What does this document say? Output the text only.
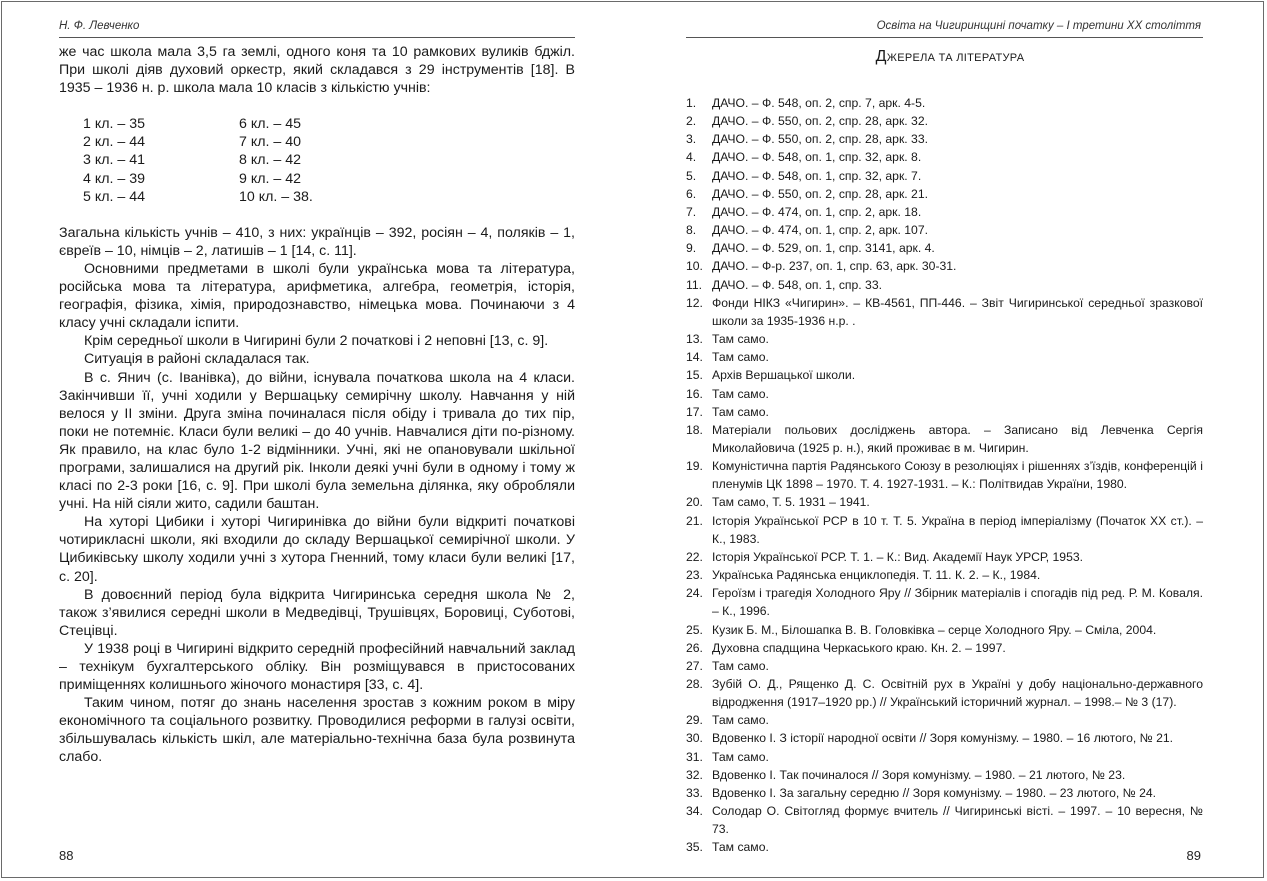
Н. Ф. Левченко

же час школа мала 3,5 га землі, одного коня та 10 рамкових вуликів бджіл. При школі діяв духовий оркестр, який складався з 29 інструментів [18]. В 1935 – 1936 н. р. школа мала 10 класів з кількістю учнів:

1 кл. – 35	6 кл. – 45
2 кл. – 44	7 кл. – 40
3 кл. – 41	8 кл. – 42
4 кл. – 39	9 кл. – 42
5 кл. – 44	10 кл. – 38.

Загальна кількість учнів – 410, з них: українців – 392, росіян – 4, поляків – 1, євреїв – 10, німців – 2, латишів – 1 [14, с. 11].

Основними предметами в школі були українська мова та література, російська мова та література, арифметика, алгебра, геометрія, історія, географія, фізика, хімія, природознавство, німецька мова. Починаючи з 4 класу учні складали іспити.

Крім середньої школи в Чигирині були 2 початкові і 2 неповні [13, с. 9].

Ситуація в районі складалася так.

В с. Янич (с. Іванівка), до війни, існувала початкова школа на 4 класи. Закінчивши її, учні ходили у Вершацьку семирічну школу. Навчання у ній велося у ІІ зміни. Друга зміна починалася після обіду і тривала до тих пір, поки не потемніє. Класи були великі – до 40 учнів. Навчалися діти по-різному. Як правило, на клас було 1-2 відмінники. Учні, які не опановували шкільної програми, залишалися на другий рік. Інколи деякі учні були в одному і тому ж класі по 2-3 роки [16, с. 9]. При школі була земельна ділянка, яку обробляли учні. На ній сіяли жито, садили баштан.

На хуторі Цибики і хуторі Чигиринівка до війни були відкриті початкові чотирикласні школи, які входили до складу Вершацької семирічної школи. У Цибиківську школу ходили учні з хутора Гненний, тому класи були великі [17, с. 20].

В довоєнний період була відкрита Чигиринська середня школа № 2, також з’явилися середні школи в Медведівці, Трушівцях, Боровиці, Суботові, Стецівці.

У 1938 році в Чигирині відкрито середній професійний навчальний заклад – технікум бухгалтерського обліку. Він розміщувався в пристосованих приміщеннях колишнього жіночого монастиря [33, с. 4].

Таким чином, потяг до знань населення зростав з кожним роком в міру економічного та соціального розвитку. Проводилися реформи в галузі освіти, збільшувалась кількість шкіл, але матеріально-технічна база була розвинута слабо.

88
Освіта на Чигиринщині початку – І третини ХХ століття
ДЖЕРЕЛА ТА ЛІТЕРАТУРА
1.	ДАЧО. – Ф. 548, оп. 2, спр. 7, арк. 4-5.
2.	ДАЧО. – Ф. 550, оп. 2, спр. 28, арк. 32.
3.	ДАЧО. – Ф. 550, оп. 2, спр. 28, арк. 33.
4.	ДАЧО. – Ф. 548, оп. 1, спр. 32, арк. 8.
5.	ДАЧО. – Ф. 548, оп. 1, спр. 32, арк. 7.
6.	ДАЧО. – Ф. 550, оп. 2, спр. 28, арк. 21.
7.	ДАЧО. – Ф. 474, оп. 1, спр. 2, арк. 18.
8.	ДАЧО. – Ф. 474, оп. 1, спр. 2, арк. 107.
9.	ДАЧО. – Ф. 529, оп. 1, спр. 3141, арк. 4.
10. ДАЧО. – Ф-р. 237, оп. 1, спр. 63, арк. 30-31.
11. ДАЧО. – Ф. 548, оп. 1, спр. 33.
12. Фонди НІКЗ «Чигирин». – КВ-4561, ПП-446. – Звіт Чигиринської середньої зразкової школи за 1935-1936 н.р. .
13. Там само.
14. Там само.
15. Архів Вершацької школи.
16. Там само.
17. Там само.
18. Матеріали польових досліджень автора. – Записано від Левченка Сергія Миколайовича (1925 р. н.), який проживає в м. Чигирин.
19. Комуністична партія Радянського Союзу в резолюціях і рішеннях з’їздів, конференцій і пленумів ЦК 1898 – 1970. Т. 4. 1927-1931. – К.: Політвидав України, 1980.
20. Там само, Т. 5. 1931 – 1941.
21. Історія Української РСР в 10 т. Т. 5. Україна в період імперіалізму (Початок ХХ ст.). – К., 1983.
22. Історія Української РСР. Т. 1. – К.: Вид. Академії Наук УРСР, 1953.
23. Українська Радянська енциклопедія. Т. 11. К. 2. – К., 1984.
24. Героїзм і трагедія Холодного Яру // Збірник матеріалів і спогадів під ред. Р. М. Коваля. – К., 1996.
25. Кузик Б. М., Білошапка В. В. Головківка – серце Холодного Яру. – Сміла, 2004.
26. Духовна спадщина Черкаського краю. Кн. 2. – 1997.
27. Там само.
28. Зубій О. Д., Рященко Д. С. Освітній рух в Україні у добу національно-державного відродження (1917–1920 рр.) // Український історичний журнал. – 1998.– № 3 (17).
29. Там само.
30. Вдовенко І. З історії народної освіти // Зоря комунізму. – 1980. – 16 лютого, № 21.
31. Там само.
32. Вдовенко І. Так починалося // Зоря комунізму. – 1980. – 21 лютого, № 23.
33. Вдовенко І. За загальну середню // Зоря комунізму. – 1980. – 23 лютого, № 24.
34. Солодар О. Світогляд формує вчитель // Чигиринські вісті. – 1997. – 10 вересня, № 73.
35. Там само.
89
